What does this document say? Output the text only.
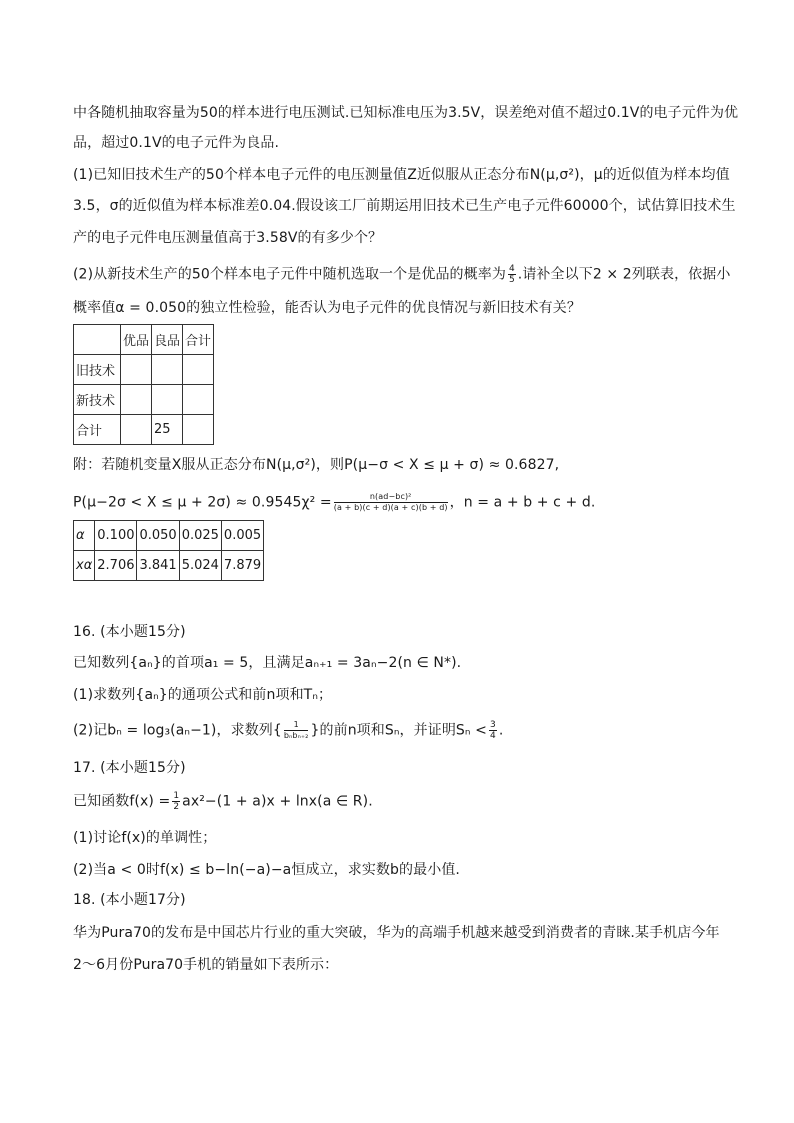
中各随机抽取容量为50的样本进行电压测试.已知标准电压为3.5V，误差绝对值不超过0.1V的电子元件为优
品，超过0.1V的电子元件为良品.
(1)已知旧技术生产的50个样本电子元件的电压测量值Z近似服从正态分布N(μ,σ²)，μ的近似值为样本均值
3.5，σ的近似值为样本标准差0.04.假设该工厂前期运用旧技术已生产电子元件60000个，试估算旧技术生
产的电子元件电压测量值高于3.58V的有多少个？
(2)从新技术生产的50个样本电子元件中随机选取一个是优品的概率为 $\frac{4}{5}$ .请补全以下2 × 2列联表，依据小
概率值α = 0.050的独立性检验，能否认为电子元件的优良情况与新旧技术有关？
	优品	良品	合计
旧技术			
新技术			
合计		25	
附：若随机变量X服从正态分布N(μ,σ²)，则P(μ−σ < X ≤ μ + σ) ≈ 0.6827,
$P(\mu-2\sigma < X \le \mu + 2\sigma) \approx 0.9545\chi^2 = \frac{\text{n(ad−bc)²}}{(a + b)(c + d)(a + c)(b + d)}$ ，n = a + b + c + d.
α	0.100	0.050	0.025	0.005
xα	2.706	3.841	5.024	7.879
16. (本小题15分)
已知数列{aₙ}的首项a₁ = 5，且满足aₙ₊₁ = 3aₙ−2(n ∈ N*).
(1)求数列{aₙ}的通项公式和前n项和Tₙ；
(2)记bₙ = log₃(aₙ−1)，求数列{ $\frac{1}{\text{bₙbₙ₊₂}}$ }的前n项和Sₙ，并证明$S_n < \frac{3}{4}$ .
17. (本小题15分)
已知函数$f(x) = \frac{1}{2} ax^2-(1 + a)x + \ln x(a$ ∈ R).
(1)讨论f(x)的单调性；
(2)当a < 0时f(x) ≤ b−ln(−a)−a恒成立，求实数b的最小值.
18. (本小题17分)
华为Pura70的发布是中国芯片行业的重大突破，华为的高端手机越来越受到消费者的青睐.某手机店今年
2～6月份Pura70手机的销量如下表所示：
